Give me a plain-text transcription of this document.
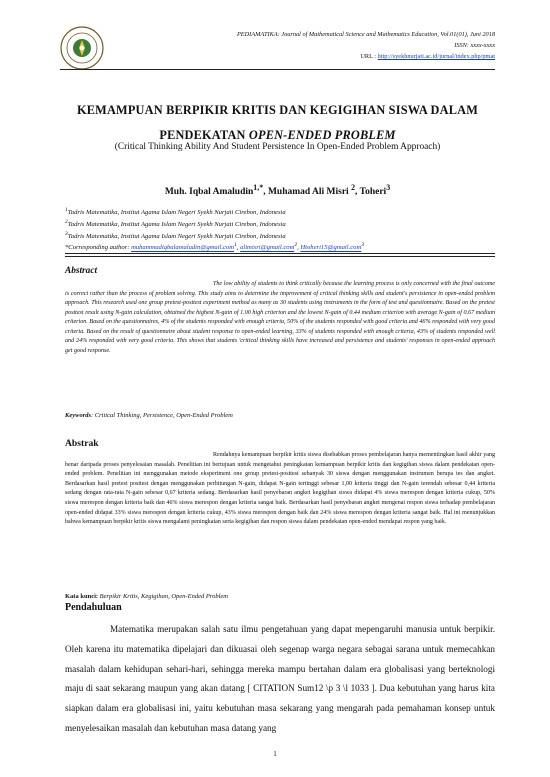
PEDIAMATIKA: Journal of Mathematical Science and Mathematics Education, Vol.01(01), Juni 2018
ISSN: xxxx-xxxx
URL : http://syekhnurjati.ac.id/jurnal/index.php/pmat
KEMAMPUAN BERPIKIR KRITIS DAN KEGIGIHAN SISWA DALAM
PENDEKATAN OPEN-ENDED PROBLEM
(Critical Thinking Ability And Student Persistence In Open-Ended Problem Approach)
Muh. Iqbal Amaludin$^{1,*}$, Muhamad Ali Misri $^2$, Toheri$^3$
$^1$Tadris Matematika, Institut Agama Islam Negeri Syekh Nurjati Cirebon, Indonesia
$^2$Tadris Matematika, Institut Agama Islam Negeri Syekh Nurjati Cirebon, Indonesia
$^3$Tadris Matematika, Institut Agama Islam Negeri Syekh Nurjati Cirebon, Indonesia
*Corresponding author: muhammadiqbalamaludin@gmail.com$^1$, alimisri@gmail.com$^2$, Htoheri15@gmail.com$^3$
Abstract
The low ability of students to think critically because the learning process is only concerned with the final outcome is correct rather than the process of problem solving. This study aims to determine the improvement of critical thinking skills and student's persistence in open-ended problem approach. This research used one group pretest-posttest experiment method as many as 30 students using instruments in the form of test and questionnaire. Based on the pretest posttest result using N-gain calculation, obtained the highest N-gain of 1.00 high criterion and the lowest N-gain of 0.44 medium criterion with average N-gain of 0.67 medium criterion. Based on the questionnaires, 4% of the students responded with enough criteria, 50% of the students responded with good criteria and 46% responded with very good criteria. Based on the result of questionnaire about student response to open-ended learning, 33% of students responded with enough criteria, 43% of students responded well and 24% responded with very good criteria. This shows that students 'critical thinking skills have increased and persistence and students' responses in open-ended approach get good response.
Keywords: Critical Thinking, Persistence, Open-Ended Problem
Abstrak
Rendahnya kemampuan berpikir kritis siswa disebabkan proses pembelajaran hanya mementingkan hasil akhir yang benar daripada proses penyelesaian masalah. Penelitian ini bertujuan untuk mengetahui peningkatan kemampuan berpikir kritis dan kegigihan siswa dalam pendekatan open-ended problem. Penelitian ini menggunakan metode eksperiment one group pretest-posttest sebanyak 30 siswa dengan menggunakan instrumen berupa tes dan angket. Berdasarkan hasil pretest posttest dengan menggunakan perhitungan N-gain, didapat N-gain tertinggi sebesar 1,00 kriteria tinggi dan N-gain terendah sebesar 0,44 kriteria sedang dengan rata-rata N-gain sebesar 0,67 kriteria sedang. Berdasarkan hasil penyebaran angket kegigihan siswa didapat 4% siswa merespon dengan kriteria cukup, 50% siswa merespon dengan kriteria baik dan 46% siswa merespon dengan kriteria sangat baik. Berdasarkan hasil penyebaran angket mengenai respon siswa terhadap pembelajaran open-ended didapat 33% siswa merespon dengan kriteria cukup, 43% siswa merespon dengan baik dan 24% siswa merespon dengan kriteria sangat baik. Hal ini menunjukkan bahwa kemampuan berpikir kritis siswa mengalami peningkatan serta kegigihan dan respon siswa dalam pendekatan open-ended mendapat respon yang baik.
Kata kunci: Berpikir Kritis, Kegigihan, Open-Ended Problem
Pendahuluan
Matematika merupakan salah satu ilmu pengetahuan yang dapat mepengaruhi manusia untuk berpikir. Oleh karena itu matematika dipelajari dan dikuasai oleh segenap warga negara sebagai sarana untuk memecahkan masalah dalam kehidupan sehari-hari, sehingga mereka mampu bertahan dalam era globalisasi yang berteknologi maju di saat sekarang maupun yang akan datang [ CITATION Sum12 \p 3 \l 1033 ]. Dua kebutuhan yang harus kita siapkan dalam era globalisasi ini, yaitu kebutuhan masa sekarang yang mengarah pada pemahaman konsep untuk menyelesaikan masalah dan kebutuhan masa datang yang
1
